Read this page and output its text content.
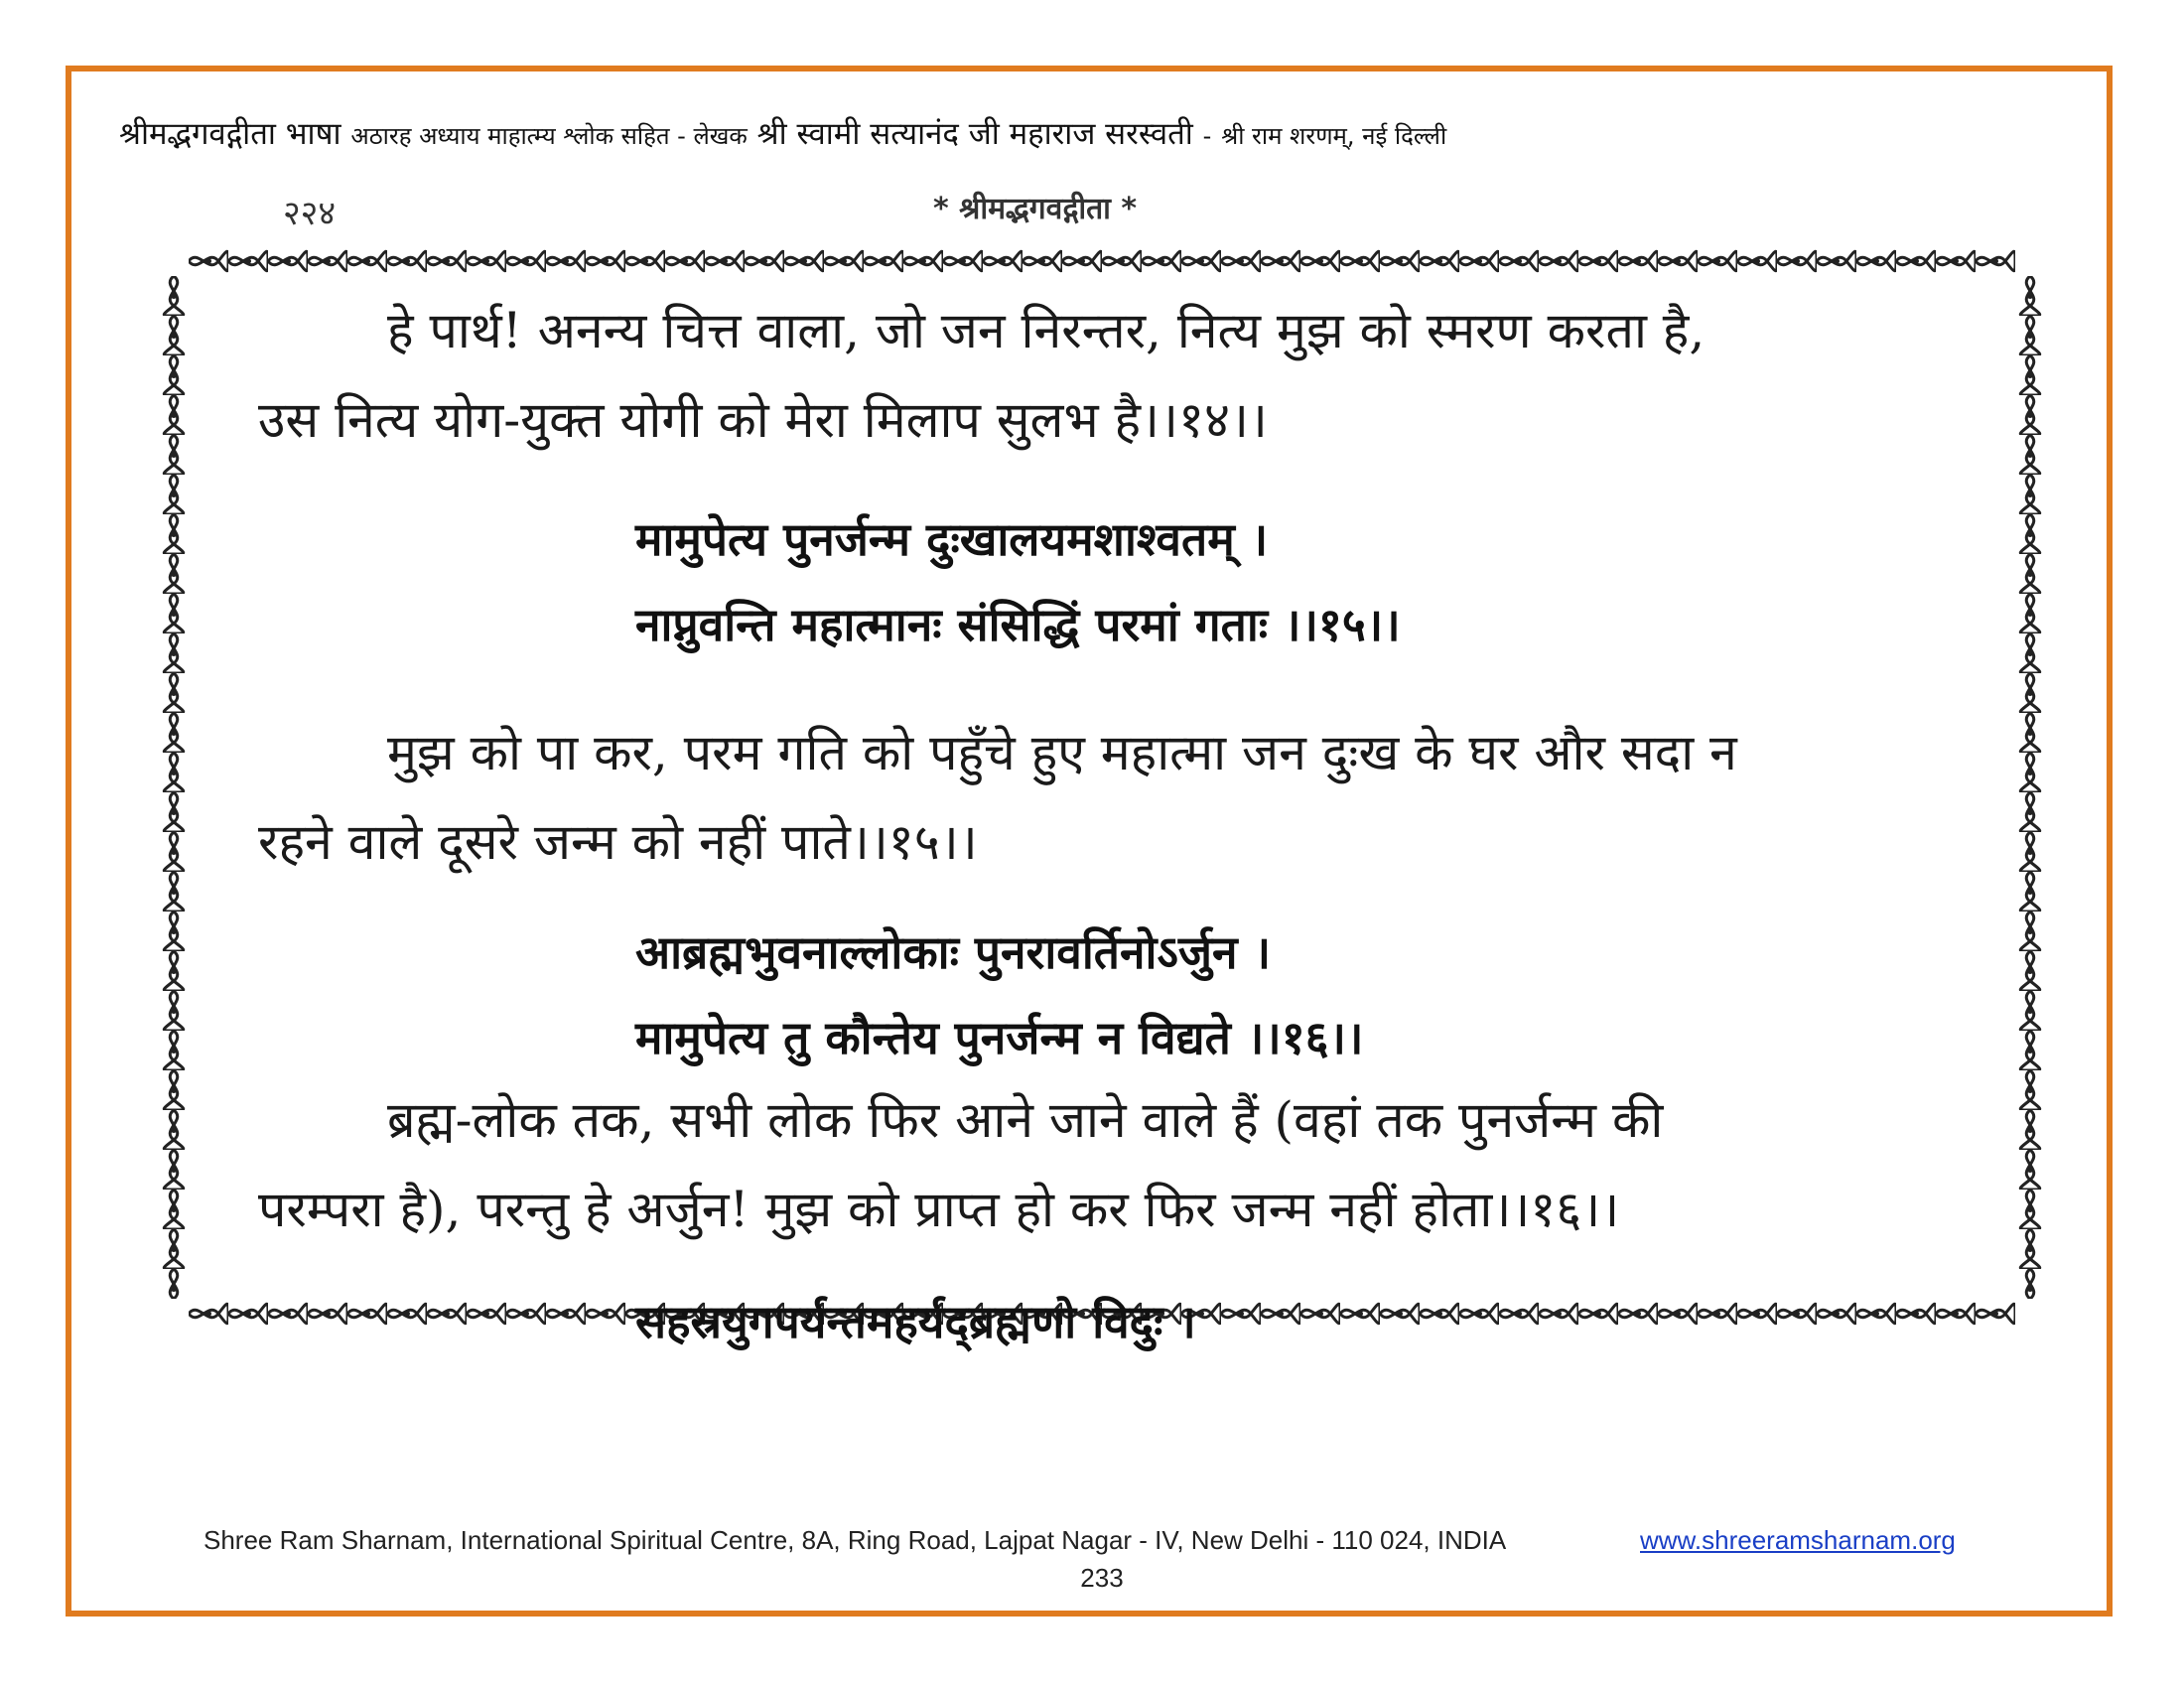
श्रीमद्भगवद्गीता भाषा अठारह अध्याय माहात्म्य श्लोक सहित - लेखक श्री स्वामी सत्यानंद जी महाराज सरस्वती - श्री राम शरणम्, नई दिल्ली
२२४	* श्रीमद्भगवद्गीता *

हे पार्थ! अनन्य चित्त वाला, जो जन निरन्तर, नित्य मुझ को स्मरण करता है,
उस नित्य योग-युक्त योगी को मेरा मिलाप सुलभ है।।१४।।

मामुपेत्य पुनर्जन्म दुःखालयमशाश्वतम् ।
नाप्नुवन्ति महात्मानः संसिद्धिं परमां गताः ।।१५।।

मुझ को पा कर, परम गति को पहुँचे हुए महात्मा जन दुःख के घर और सदा न
रहने वाले दूसरे जन्म को नहीं पाते।।१५।।

आब्रह्मभुवनाल्लोकाः पुनरावर्तिनोऽर्जुन ।
मामुपेत्य तु कौन्तेय पुनर्जन्म न विद्यते ।।१६।।

ब्रह्म-लोक तक, सभी लोक फिर आने जाने वाले हैं (वहां तक पुनर्जन्म की
परम्परा है), परन्तु हे अर्जुन! मुझ को प्राप्त हो कर फिर जन्म नहीं होता।।१६।।

सहस्रयुगपर्यन्तमहर्यद्ब्रह्मणो विदुः ।
Shree Ram Sharnam, International Spiritual Centre, 8A, Ring Road, Lajpat Nagar - IV, New Delhi - 110 024, INDIA	www.shreeramsharnam.org
233
